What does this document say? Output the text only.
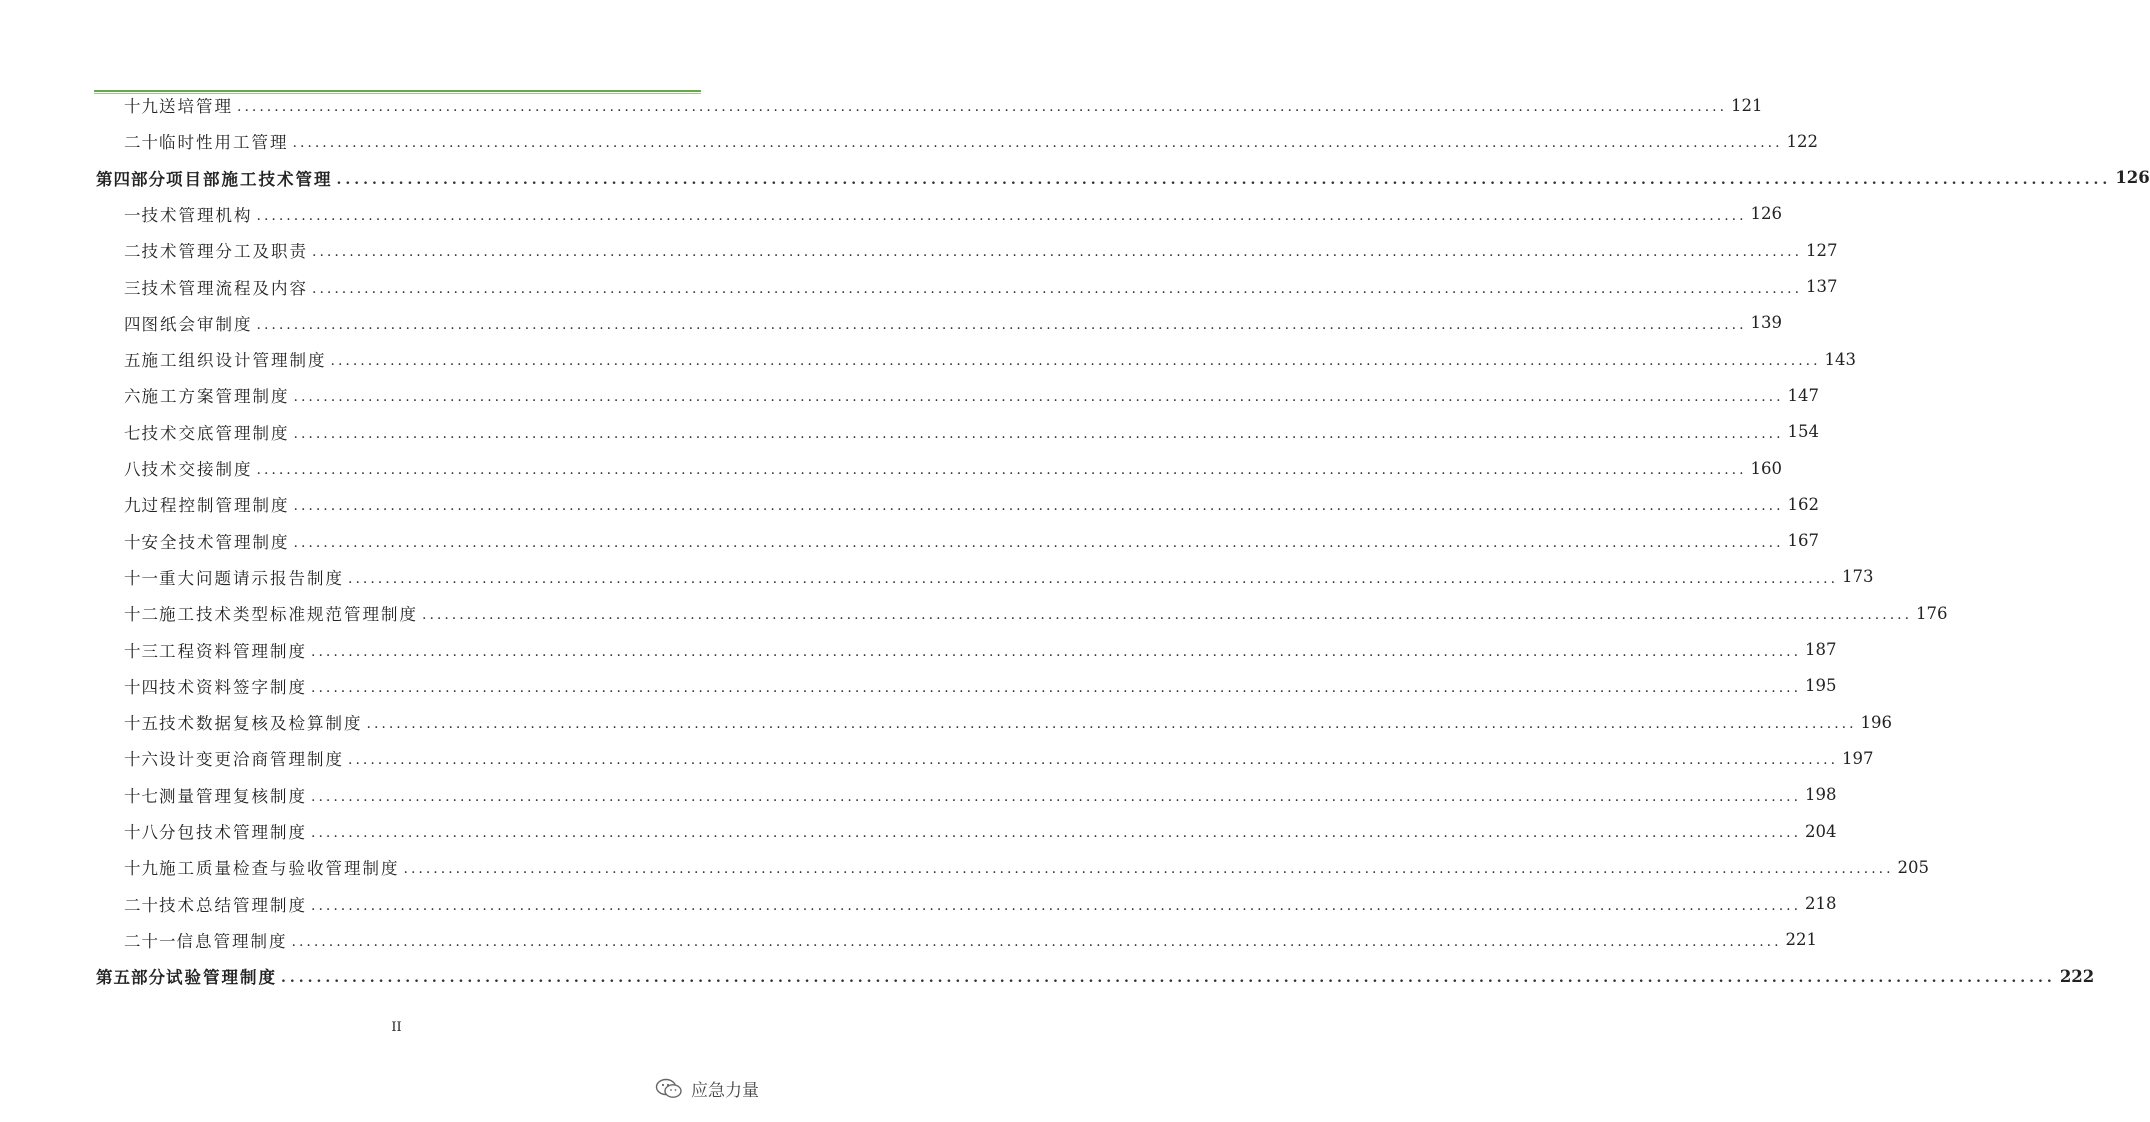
十九 送培管理 ........................................................................................................................................................................................................ 121
二十 临时性用工管理 ........................................................................................................................................................................................................ 122
第四部分 项目部施工技术管理 ........................................................................................................................................................................................................ 126
一 技术管理机构 ........................................................................................................................................................................................................ 126
二 技术管理分工及职责 ........................................................................................................................................................................................................ 127
三 技术管理流程及内容 ........................................................................................................................................................................................................ 137
四 图纸会审制度 ........................................................................................................................................................................................................ 139
五 施工组织设计管理制度 ........................................................................................................................................................................................................ 143
六 施工方案管理制度 ........................................................................................................................................................................................................ 147
七 技术交底管理制度 ........................................................................................................................................................................................................ 154
八 技术交接制度 ........................................................................................................................................................................................................ 160
九 过程控制管理制度 ........................................................................................................................................................................................................ 162
十 安全技术管理制度 ........................................................................................................................................................................................................ 167
十一 重大问题请示报告制度 ........................................................................................................................................................................................................ 173
十二 施工技术类型标准规范管理制度 ........................................................................................................................................................................................................ 176
十三 工程资料管理制度 ........................................................................................................................................................................................................ 187
十四 技术资料签字制度 ........................................................................................................................................................................................................ 195
十五 技术数据复核及检算制度 ........................................................................................................................................................................................................ 196
十六 设计变更洽商管理制度 ........................................................................................................................................................................................................ 197
十七 测量管理复核制度 ........................................................................................................................................................................................................ 198
十八 分包技术管理制度 ........................................................................................................................................................................................................ 204
十九 施工质量检查与验收管理制度 ........................................................................................................................................................................................................ 205
二十 技术总结管理制度 ........................................................................................................................................................................................................ 218
二十一 信息管理制度 ........................................................................................................................................................................................................ 221
第五部分 试验管理制度 ........................................................................................................................................................................................................ 222
II
应急力量
